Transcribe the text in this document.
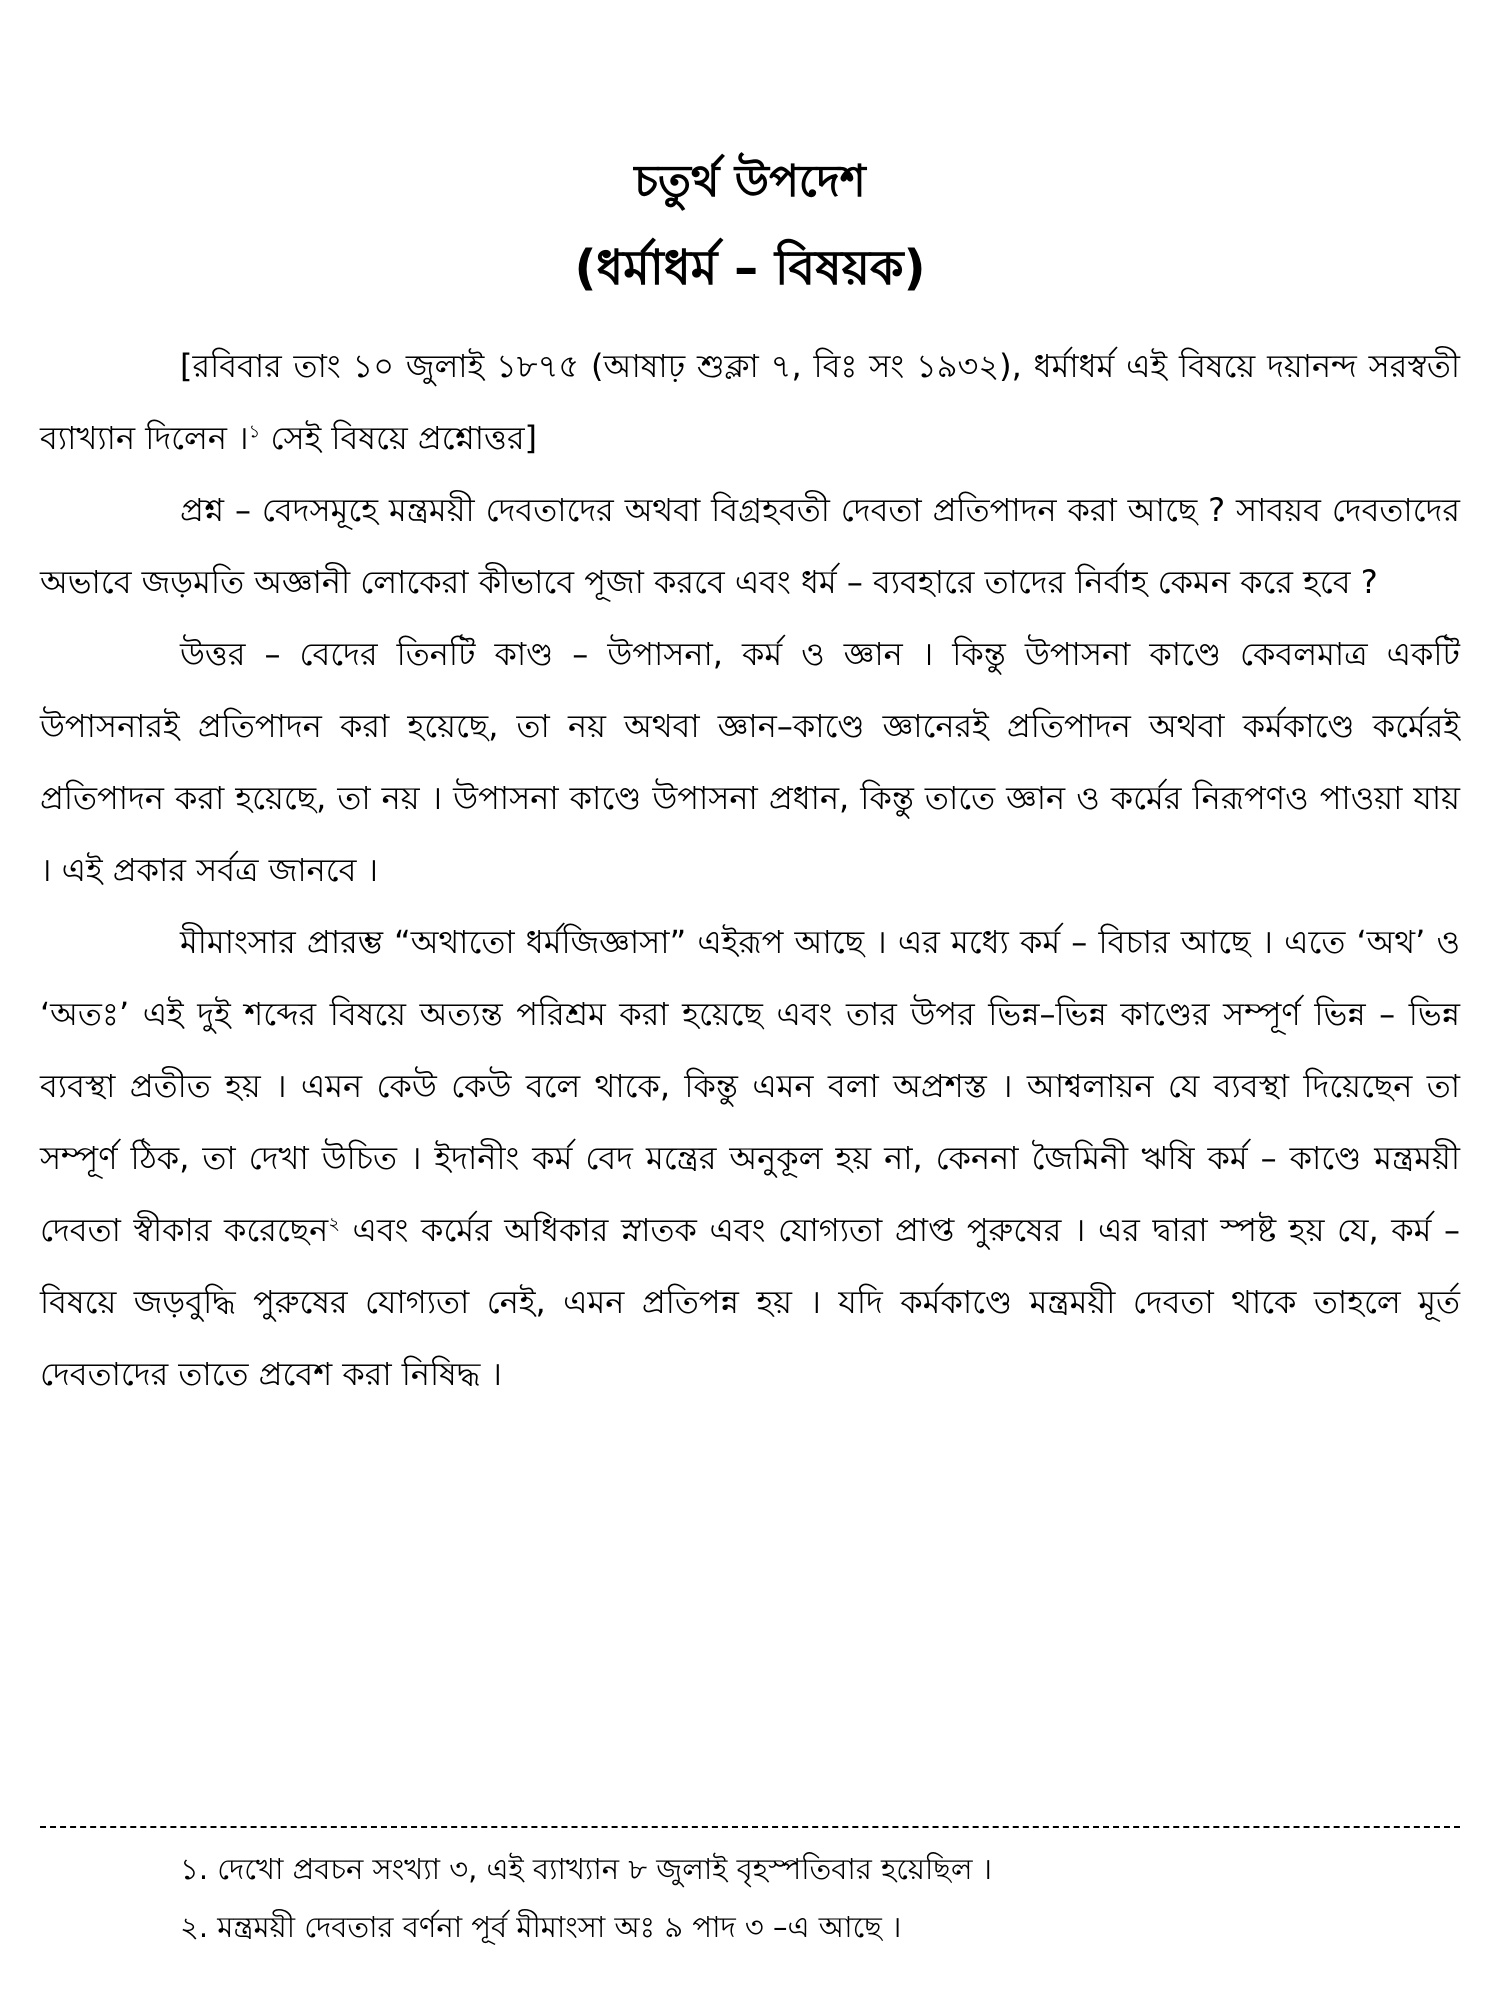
চতুর্থ উপদেশ
(ধর্মাধর্ম – বিষয়ক)

[রবিবার তাং ১০ জুলাই ১৮৭৫ (আষাঢ় শুক্লা ৭, বিঃ সং ১৯৩২), ধর্মাধর্ম এই বিষয়ে দয়ানন্দ সরস্বতী ব্যাখ্যান দিলেন ।$^১$ সেই বিষয়ে প্রশ্নোত্তর]

প্রশ্ন – বেদসমূহে মন্ত্রময়ী দেবতাদের অথবা বিগ্রহবতী দেবতা প্রতিপাদন করা আছে ? সাবয়ব দেবতাদের অভাবে জড়মতি অজ্ঞানী লোকেরা কীভাবে পূজা করবে এবং ধর্ম – ব্যবহারে তাদের নির্বাহ কেমন করে হবে ?

উত্তর – বেদের তিনটি কাণ্ড – উপাসনা, কর্ম ও জ্ঞান । কিন্তু উপাসনা কাণ্ডে কেবলমাত্র একটি উপাসনারই প্রতিপাদন করা হয়েছে, তা নয় অথবা জ্ঞান–কাণ্ডে জ্ঞানেরই প্রতিপাদন অথবা কর্মকাণ্ডে কর্মেরই প্রতিপাদন করা হয়েছে, তা নয় । উপাসনা কাণ্ডে উপাসনা প্রধান, কিন্তু তাতে জ্ঞান ও কর্মের নিরূপণও পাওয়া যায় । এই প্রকার সর্বত্র জানবে ।

মীমাংসার প্রারম্ভ “অথাতো ধর্মজিজ্ঞাসা” এইরূপ আছে । এর মধ্যে কর্ম – বিচার আছে । এতে ‘অথ’ ও ‘অতঃ’ এই দুই শব্দের বিষয়ে অত্যন্ত পরিশ্রম করা হয়েছে এবং তার উপর ভিন্ন–ভিন্ন কাণ্ডের সম্পূর্ণ ভিন্ন – ভিন্ন ব্যবস্থা প্রতীত হয় । এমন কেউ কেউ বলে থাকে, কিন্তু এমন বলা অপ্রশস্ত । আশ্বলায়ন যে ব্যবস্থা দিয়েছেন তা সম্পূর্ণ ঠিক, তা দেখা উচিত । ইদানীং কর্ম বেদ মন্ত্রের অনুকূল হয় না, কেননা জৈমিনী ঋষি কর্ম – কাণ্ডে মন্ত্রময়ী দেবতা স্বীকার করেছেন$^২$ এবং কর্মের অধিকার স্নাতক এবং যোগ্যতা প্রাপ্ত পুরুষের । এর দ্বারা স্পষ্ট হয় যে, কর্ম –বিষয়ে জড়বুদ্ধি পুরুষের যোগ্যতা নেই, এমন প্রতিপন্ন হয় । যদি কর্মকাণ্ডে মন্ত্রময়ী দেবতা থাকে তাহলে মূর্ত দেবতাদের তাতে প্রবেশ করা নিষিদ্ধ ।

১. দেখো প্রবচন সংখ্যা ৩, এই ব্যাখ্যান ৮ জুলাই বৃহস্পতিবার হয়েছিল ।
২. মন্ত্রময়ী দেবতার বর্ণনা পূর্ব মীমাংসা অঃ ৯ পাদ ৩ –এ আছে ।
